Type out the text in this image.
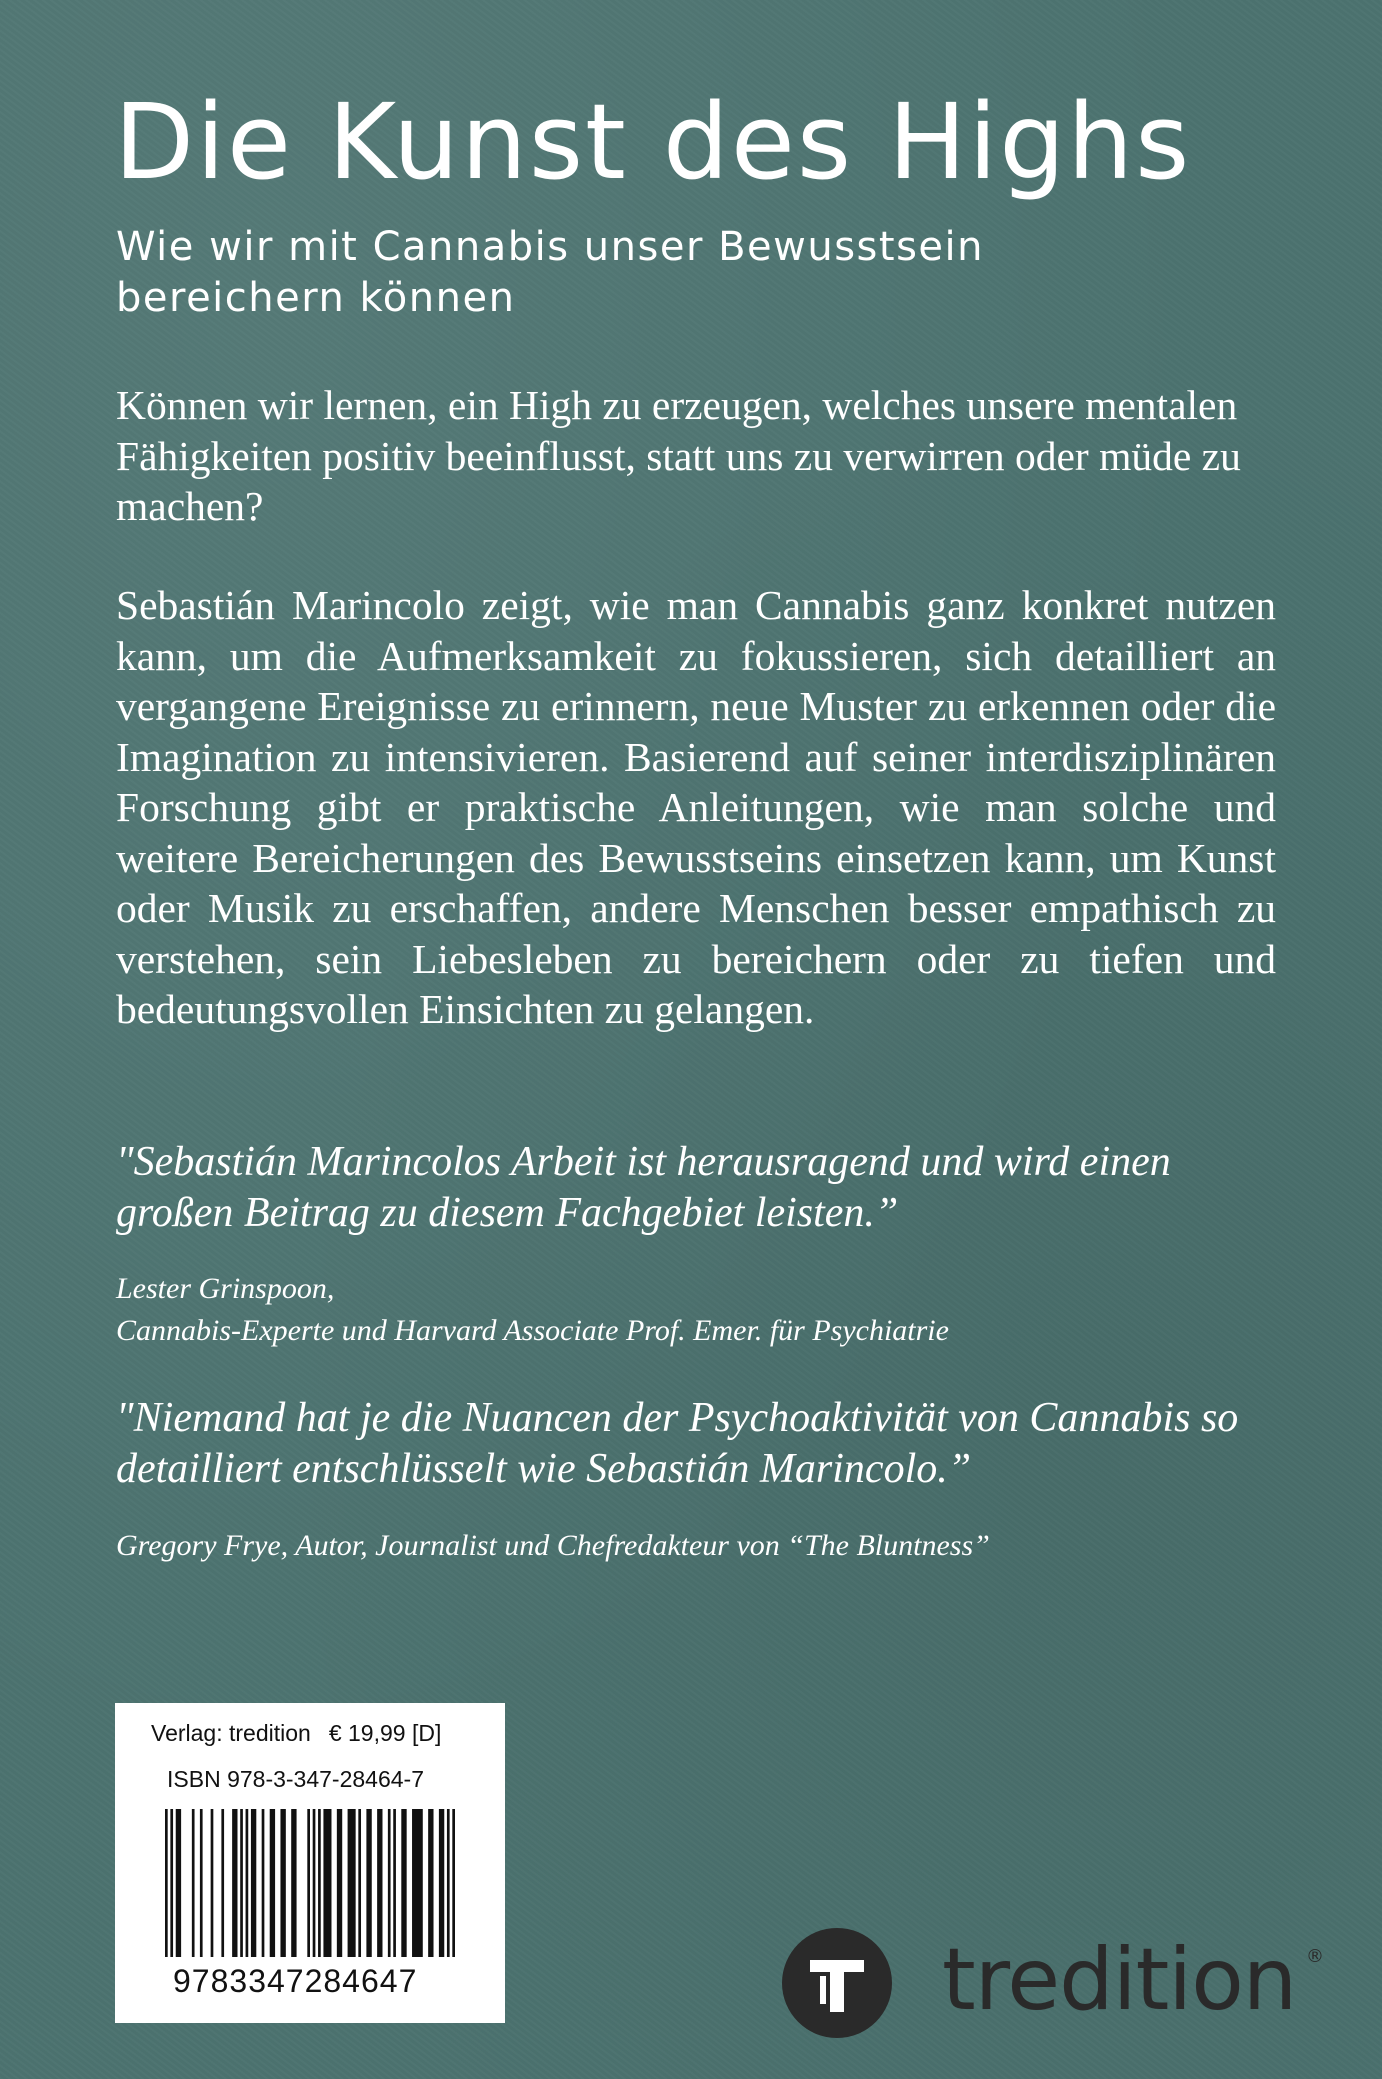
Die Kunst des Highs
Wie wir mit Cannabis unser Bewusstsein bereichern können

Können wir lernen, ein High zu erzeugen, welches unsere mentalen Fähigkeiten positiv beeinflusst, statt uns zu verwirren oder müde zu machen?

Sebastián Marincolo zeigt, wie man Cannabis ganz konkret nutzen kann, um die Aufmerksamkeit zu fokussieren, sich detailliert an vergangene Ereignisse zu erinnern, neue Muster zu erkennen oder die Imagination zu intensivieren. Basierend auf seiner interdisziplinären Forschung gibt er praktische Anleitungen, wie man solche und weitere Bereicherungen des Bewusstseins einsetzen kann, um Kunst oder Musik zu erschaffen, andere Menschen besser empathisch zu verstehen, sein Liebesleben zu bereichern oder zu tiefen und bedeutungsvollen Einsichten zu gelangen.

"Sebastián Marincolos Arbeit ist herausragend und wird einen großen Beitrag zu diesem Fachgebiet leisten.”

Lester Grinspoon,
Cannabis-Experte und Harvard Associate Prof. Emer. für Psychiatrie

"Niemand hat je die Nuancen der Psychoaktivität von Cannabis so detailliert entschlüsselt wie Sebastián Marincolo.”

Gregory Frye, Autor, Journalist und Chefredakteur von “The Bluntness”

Verlag: tredition € 19,99 [D]
ISBN 978-3-347-28464-7
9783347284647	tredition ®
